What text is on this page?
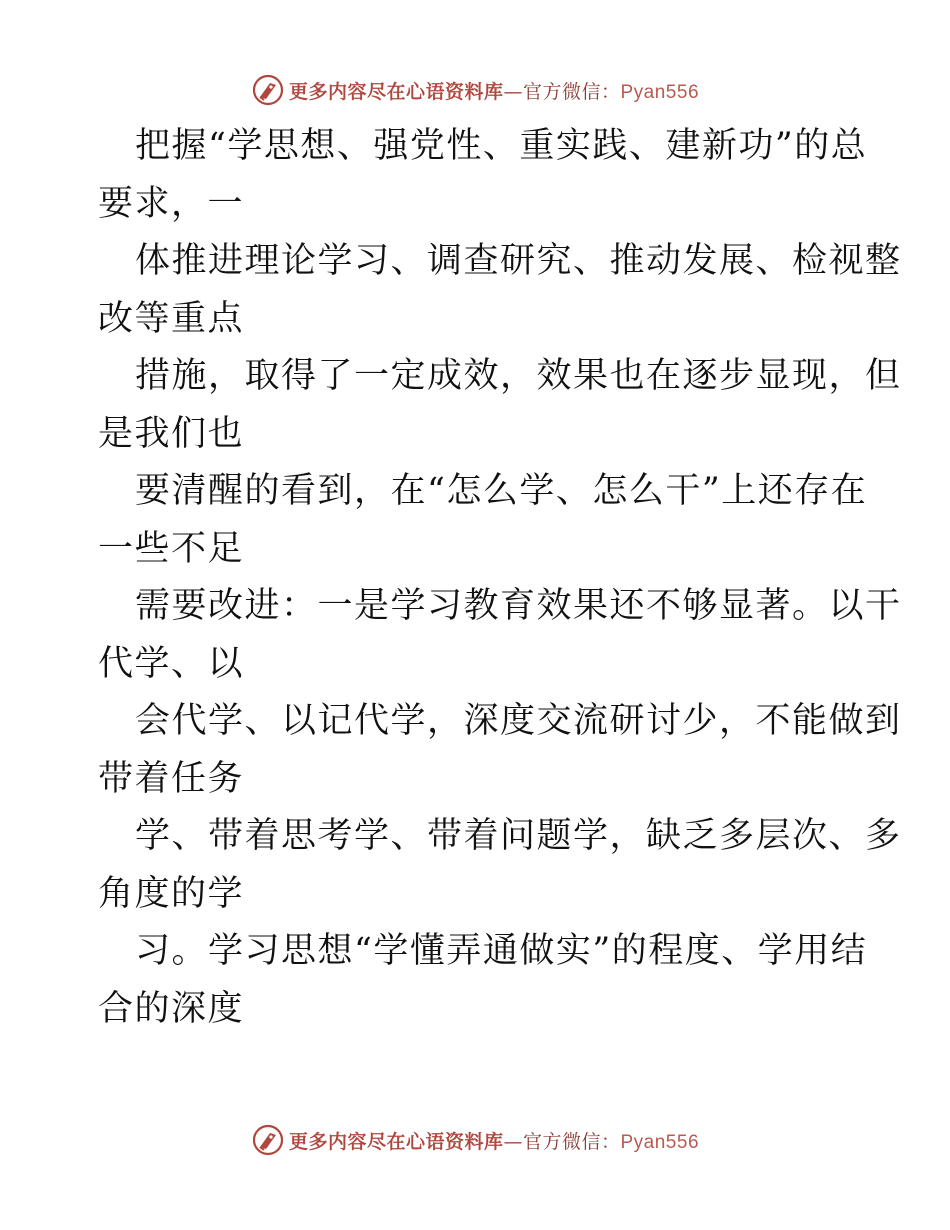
更多内容尽在心语资料库—官方微信：Pyan556
把握“学思想、强党性、重实践、建新功”的总
要求，一
体推进理论学习、调查研究、推动发展、检视整
改等重点
措施，取得了一定成效，效果也在逐步显现，但
是我们也
要清醒的看到，在“怎么学、怎么干”上还存在
一些不足
需要改进：一是学习教育效果还不够显著。以干
代学、以
会代学、以记代学，深度交流研讨少，不能做到
带着任务
学、带着思考学、带着问题学，缺乏多层次、多
角度的学
习。学习思想“学懂弄通做实”的程度、学用结
合的深度
更多内容尽在心语资料库—官方微信：Pyan556
